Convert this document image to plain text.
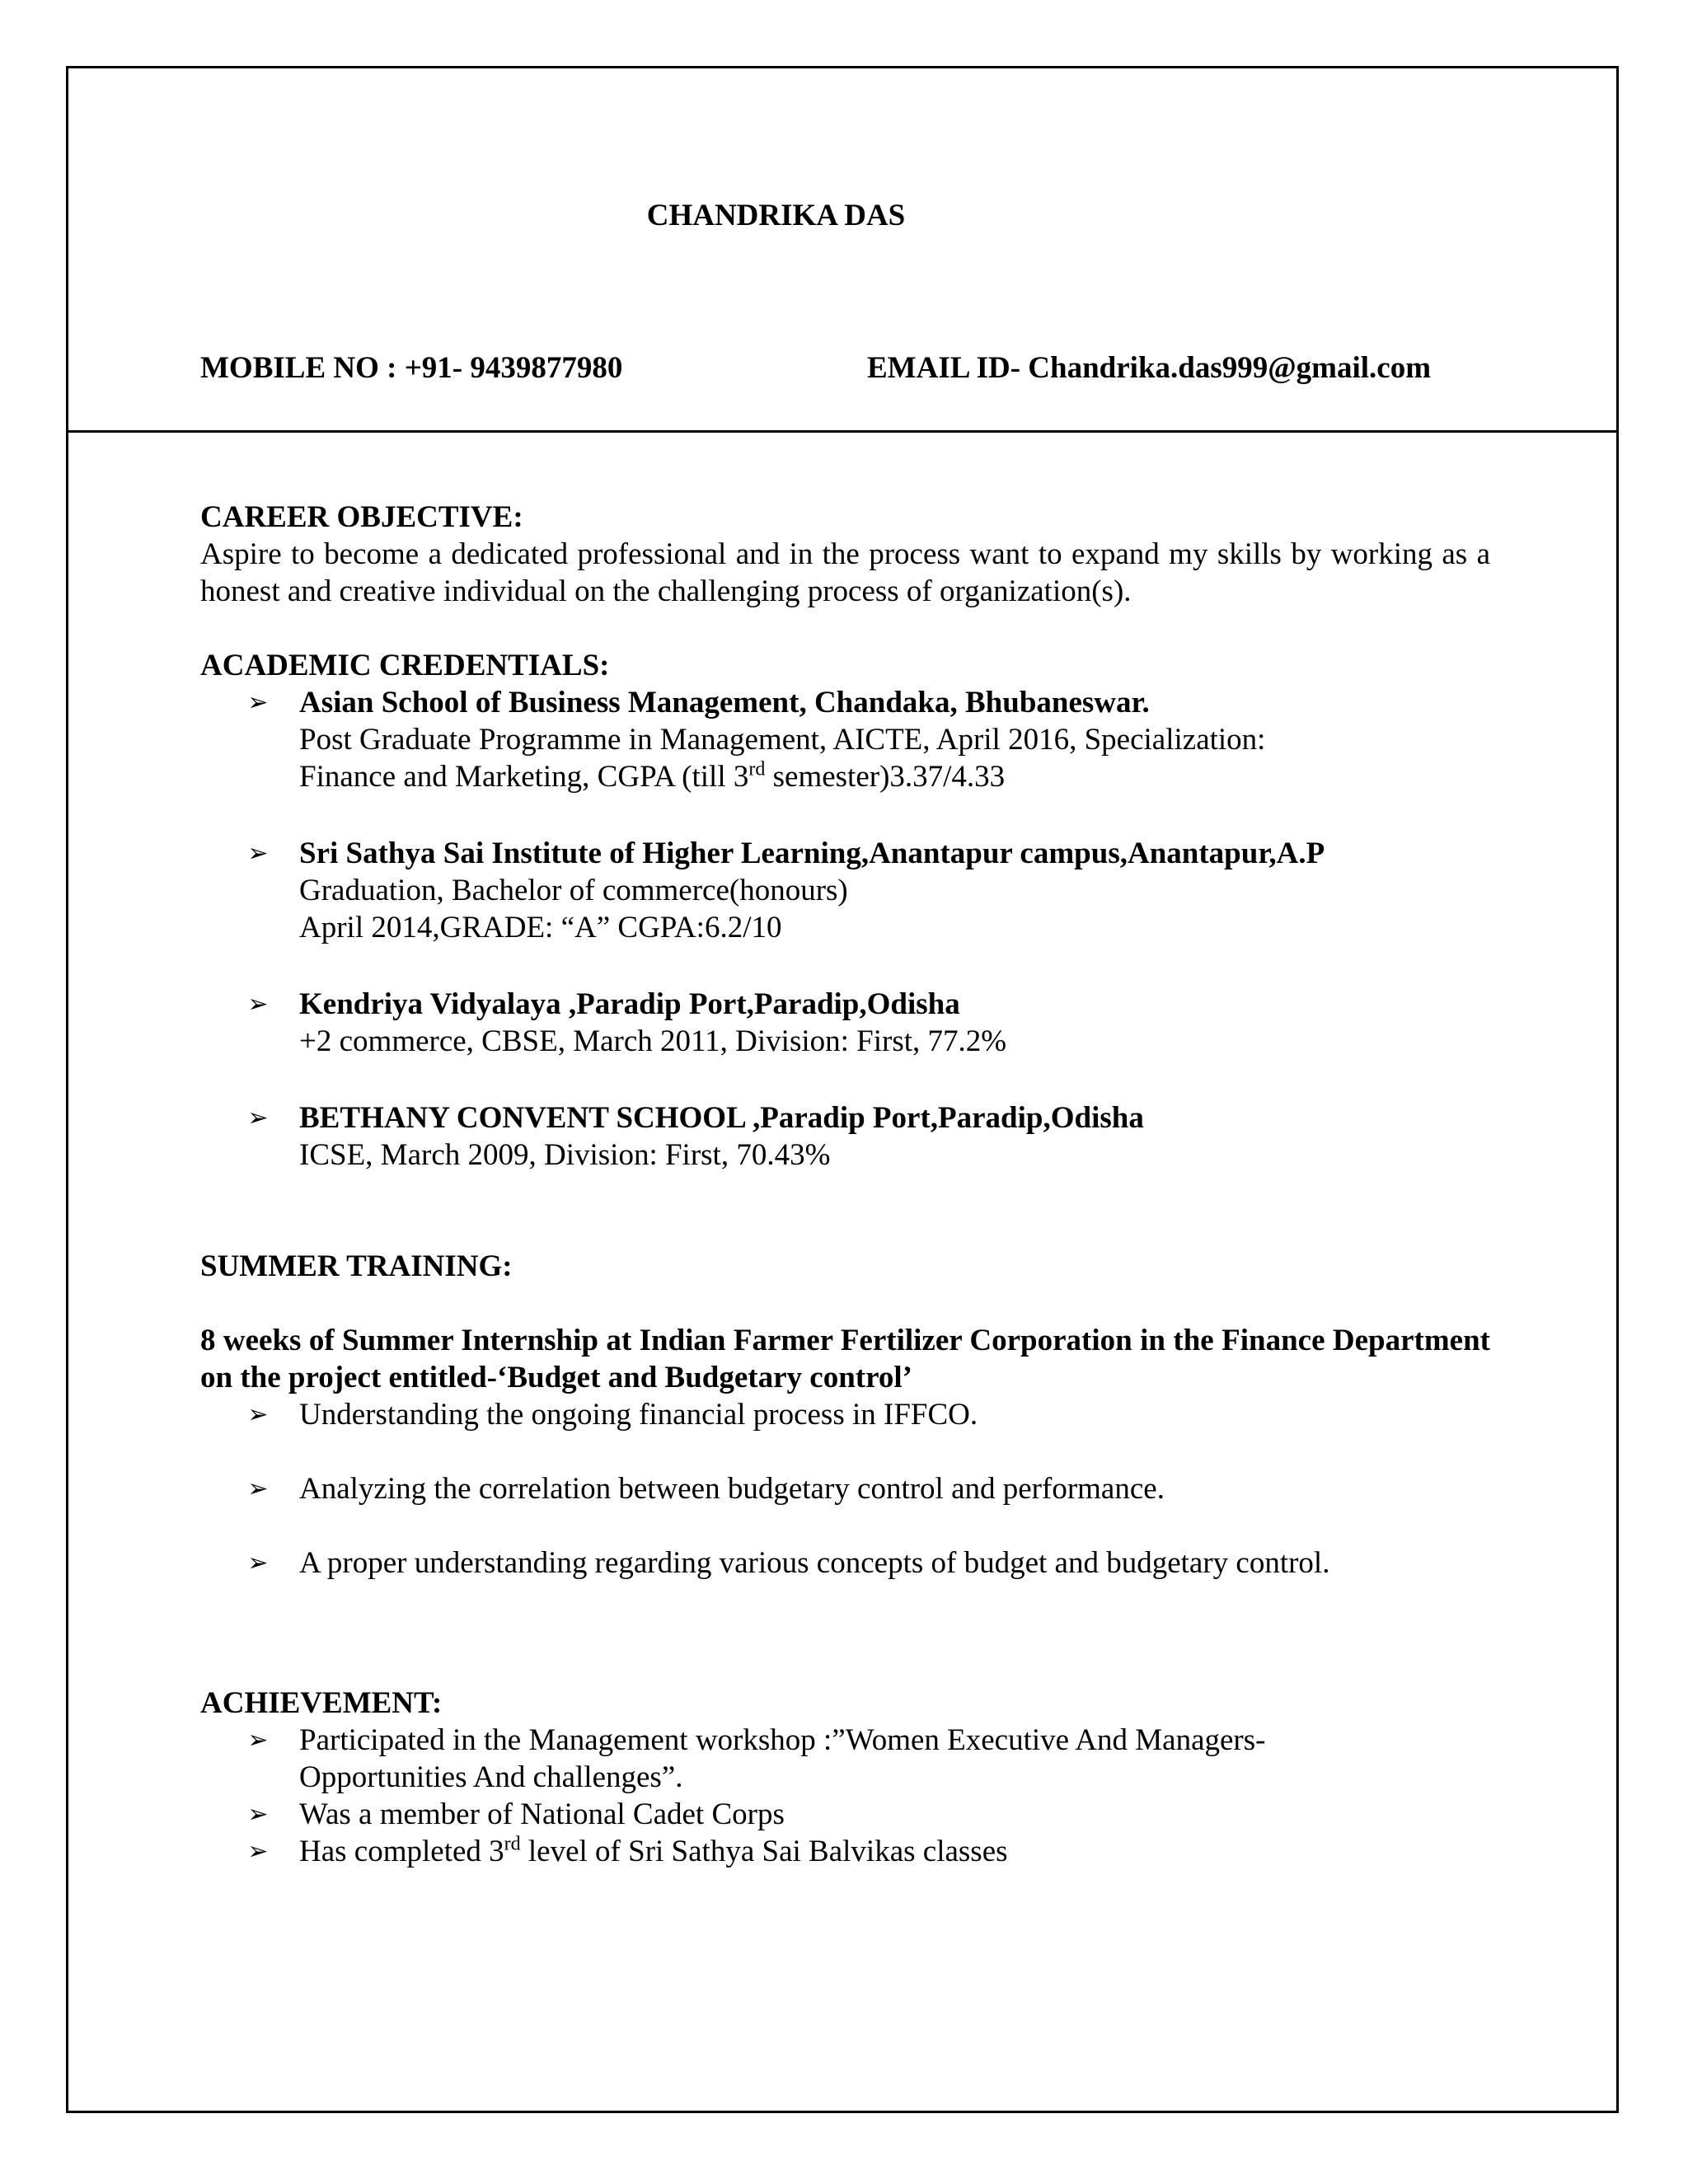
CHANDRIKA DAS
MOBILE NO : +91- 9439877980	EMAIL ID- Chandrika.das999@gmail.com
CAREER OBJECTIVE:
Aspire to become a dedicated professional and in the process want to expand my skills by working as a honest and creative individual on the challenging process of organization(s).
ACADEMIC CREDENTIALS:
➢ Asian School of Business Management, Chandaka, Bhubaneswar.
Post Graduate Programme in Management, AICTE, April 2016, Specialization:
Finance and Marketing, CGPA (till 3rd semester)3.37/4.33
➢ Sri Sathya Sai Institute of Higher Learning,Anantapur campus,Anantapur,A.P
Graduation, Bachelor of commerce(honours)
April 2014,GRADE: “A” CGPA:6.2/10
➢ Kendriya Vidyalaya ,Paradip Port,Paradip,Odisha
+2 commerce, CBSE, March 2011, Division: First, 77.2%
➢ BETHANY CONVENT SCHOOL ,Paradip Port,Paradip,Odisha
ICSE, March 2009, Division: First, 70.43%
SUMMER TRAINING:
8 weeks of Summer Internship at Indian Farmer Fertilizer Corporation in the Finance Department on the project entitled-‘Budget and Budgetary control’
➢ Understanding the ongoing financial process in IFFCO.
➢ Analyzing the correlation between budgetary control and performance.
➢ A proper understanding regarding various concepts of budget and budgetary control.
ACHIEVEMENT:
➢ Participated in the Management workshop :”Women Executive And Managers-
Opportunities And challenges”.
➢ Was a member of National Cadet Corps
➢ Has completed 3rd level of Sri Sathya Sai Balvikas classes
